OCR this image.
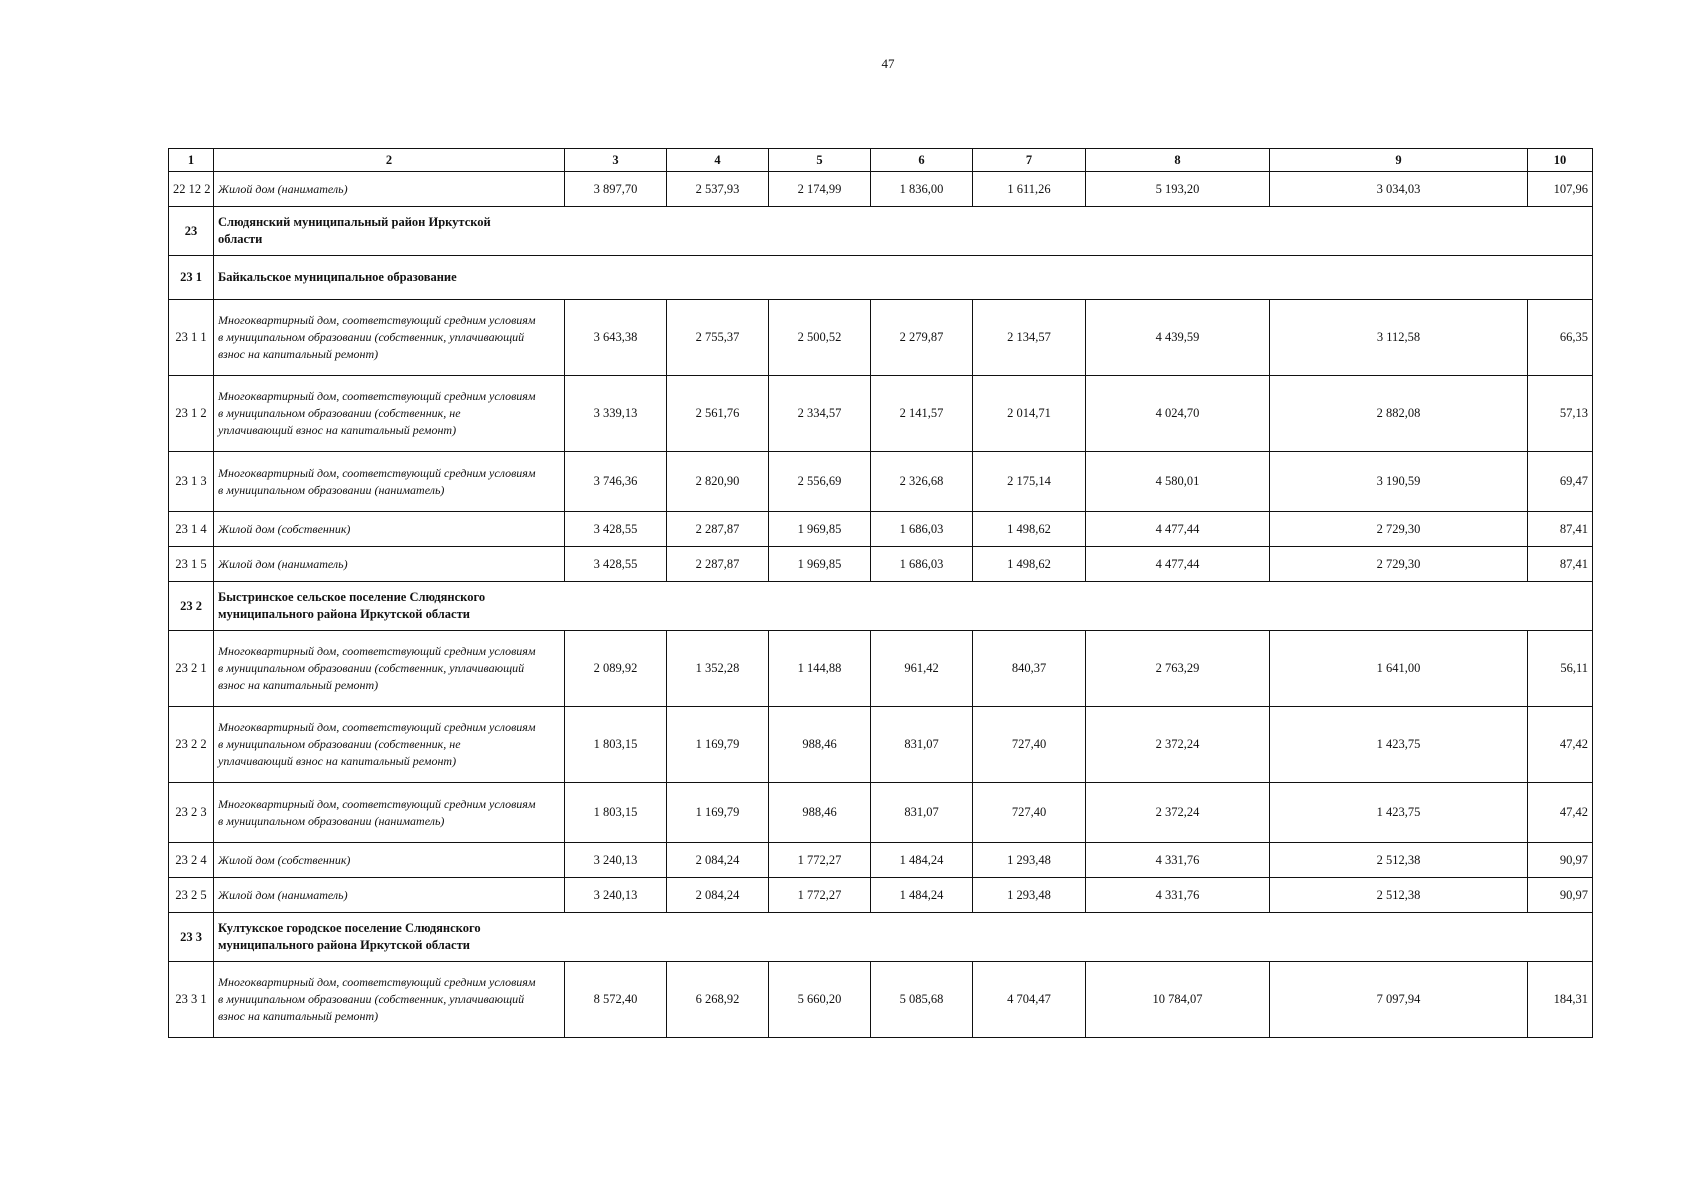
47
1	2	3	4	5	6	7	8	9	10
22 12 2	Жилой дом (наниматель)	3 897,70	2 537,93	2 174,99	1 836,00	1 611,26	5 193,20	3 034,03	107,96
23	Слюдянский муниципальный район Иркутской области								
23 1	Байкальское муниципальное образование								
23 1 1	Многоквартирный дом, соответствующий средним условиям в муниципальном образовании (собственник, уплачивающий взнос на капитальный ремонт)	3 643,38	2 755,37	2 500,52	2 279,87	2 134,57	4 439,59	3 112,58	66,35
23 1 2	Многоквартирный дом, соответствующий средним условиям в муниципальном образовании (собственник, не уплачивающий взнос на капитальный ремонт)	3 339,13	2 561,76	2 334,57	2 141,57	2 014,71	4 024,70	2 882,08	57,13
23 1 3	Многоквартирный дом, соответствующий средним условиям в муниципальном образовании (наниматель)	3 746,36	2 820,90	2 556,69	2 326,68	2 175,14	4 580,01	3 190,59	69,47
23 1 4	Жилой дом (собственник)	3 428,55	2 287,87	1 969,85	1 686,03	1 498,62	4 477,44	2 729,30	87,41
23 1 5	Жилой дом (наниматель)	3 428,55	2 287,87	1 969,85	1 686,03	1 498,62	4 477,44	2 729,30	87,41
23 2	Быстринское сельское поселение Слюдянского муниципального района Иркутской области								
23 2 1	Многоквартирный дом, соответствующий средним условиям в муниципальном образовании (собственник, уплачивающий взнос на капитальный ремонт)	2 089,92	1 352,28	1 144,88	961,42	840,37	2 763,29	1 641,00	56,11
23 2 2	Многоквартирный дом, соответствующий средним условиям в муниципальном образовании (собственник, не уплачивающий взнос на капитальный ремонт)	1 803,15	1 169,79	988,46	831,07	727,40	2 372,24	1 423,75	47,42
23 2 3	Многоквартирный дом, соответствующий средним условиям в муниципальном образовании (наниматель)	1 803,15	1 169,79	988,46	831,07	727,40	2 372,24	1 423,75	47,42
23 2 4	Жилой дом (собственник)	3 240,13	2 084,24	1 772,27	1 484,24	1 293,48	4 331,76	2 512,38	90,97
23 2 5	Жилой дом (наниматель)	3 240,13	2 084,24	1 772,27	1 484,24	1 293,48	4 331,76	2 512,38	90,97
23 3	Култукское городское поселение Слюдянского муниципального района Иркутской области								
23 3 1	Многоквартирный дом, соответствующий средним условиям в муниципальном образовании (собственник, уплачивающий взнос на капитальный ремонт)	8 572,40	6 268,92	5 660,20	5 085,68	4 704,47	10 784,07	7 097,94	184,31
